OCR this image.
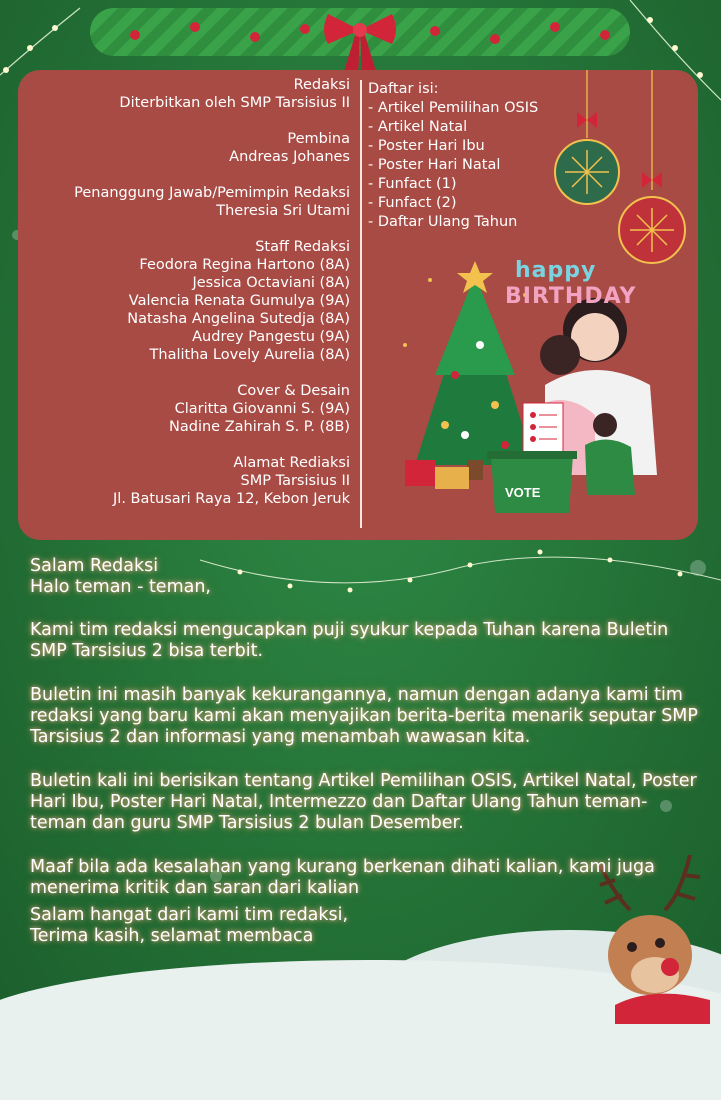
Redaksi
Diterbitkan oleh SMP Tarsisius II
Pembina
Andreas Johanes
Penanggung Jawab/Pemimpin Redaksi
Theresia Sri Utami
Staff Redaksi
Feodora Regina Hartono (8A)
Jessica Octaviani (8A)
Valencia Renata Gumulya (9A)
Natasha Angelina Sutedja (8A)
Audrey Pangestu (9A)
Thalitha Lovely Aurelia (8A)
Cover & Desain
Claritta Giovanni S. (9A)
Nadine Zahirah S. P. (8B)
Alamat Rediaksi
SMP Tarsisius II
Jl. Batusari Raya 12, Kebon Jeruk
Daftar isi:
- Artikel Pemilihan OSIS
- Artikel Natal
- Poster Hari Ibu
- Poster Hari Natal
- Funfact (1)
- Funfact (2)
- Daftar Ulang Tahun
happy
BIRTHDAY
VOTE

Salam Redaksi
Halo teman - teman,

Kami tim redaksi mengucapkan puji syukur kepada Tuhan karena Buletin SMP Tarsisius 2 bisa terbit.

Buletin ini masih banyak kekurangannya, namun dengan adanya kami tim redaksi yang baru kami akan menyajikan berita-berita menarik seputar SMP Tarsisius 2 dan informasi yang menambah wawasan kita.

Buletin kali ini berisikan tentang Artikel Pemilihan OSIS, Artikel Natal, Poster Hari Ibu, Poster Hari Natal, Intermezzo dan Daftar Ulang Tahun teman-teman dan guru SMP Tarsisius 2 bulan Desember.

Maaf bila ada kesalahan yang kurang berkenan dihati kalian, kami juga menerima kritik dan saran dari kalian

Salam hangat dari kami tim redaksi,
Terima kasih, selamat membaca
